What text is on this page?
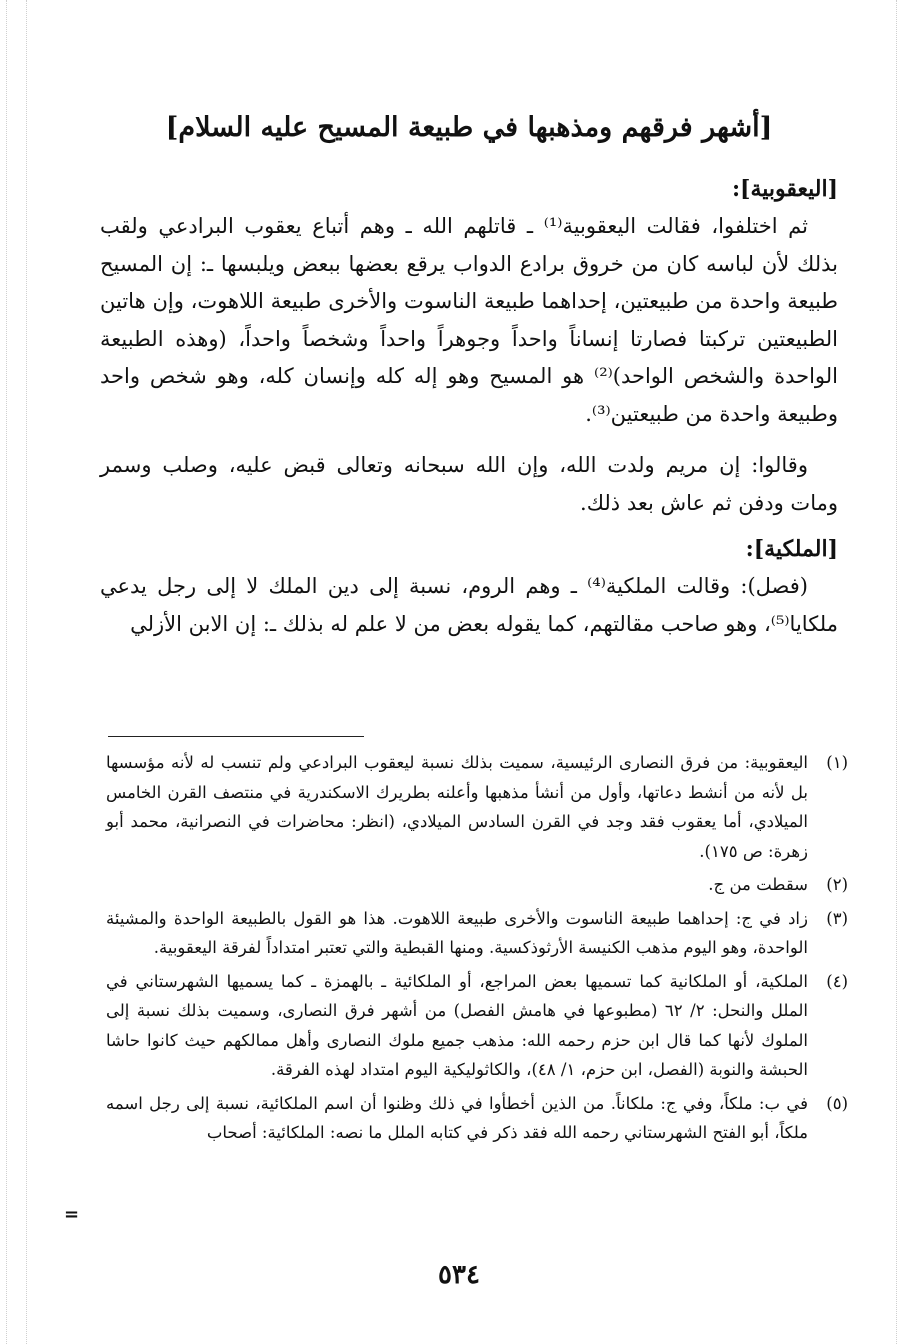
[أشهر فرقهم ومذهبها في طبيعة المسيح عليه السلام]

[اليعقوبية]:

ثم اختلفوا، فقالت اليعقوبية⁽¹⁾ ـ قاتلهم الله ـ وهم أتباع يعقوب البرادعي ولقب بذلك لأن لباسه كان من خروق برادع الدواب يرقع بعضها ببعض ويلبسها ـ: إن المسيح طبيعة واحدة من طبيعتين، إحداهما طبيعة الناسوت والأخرى طبيعة اللاهوت، وإن هاتين الطبيعتين تركبتا فصارتا إنساناً واحداً وجوهراً واحداً وشخصاً واحداً، (وهذه الطبيعة الواحدة والشخص الواحد)⁽²⁾ هو المسيح وهو إله كله وإنسان كله، وهو شخص واحد وطبيعة واحدة من طبيعتين⁽³⁾.

وقالوا: إن مريم ولدت الله، وإن الله سبحانه وتعالى قبض عليه، وصلب وسمر ومات ودفن ثم عاش بعد ذلك.

[الملكية]:

(فصل): وقالت الملكية⁽⁴⁾ ـ وهم الروم، نسبة إلى دين الملك لا إلى رجل يدعي ملكايا⁽⁵⁾، وهو صاحب مقالتهم، كما يقوله بعض من لا علم له بذلك ـ: إن الابن الأزلي

(١)
اليعقوبية: من فرق النصارى الرئيسية، سميت بذلك نسبة ليعقوب البرادعي ولم تنسب له لأنه مؤسسها بل لأنه من أنشط دعاتها، وأول من أنشأ مذهبها وأعلنه بطريرك الاسكندرية في منتصف القرن الخامس الميلادي، أما يعقوب فقد وجد في القرن السادس الميلادي، (انظر: محاضرات في النصرانية، محمد أبو زهرة: ص ١٧٥).
(٢)
سقطت من ج.
(٣)
زاد في ج: إحداهما طبيعة الناسوت والأخرى طبيعة اللاهوت. هذا هو القول بالطبيعة الواحدة والمشيئة الواحدة، وهو اليوم مذهب الكنيسة الأرثوذكسية. ومنها القبطية والتي تعتبر امتداداً لفرقة اليعقوبية.
(٤)
الملكية، أو الملكانية كما تسميها بعض المراجع، أو الملكائية ـ بالهمزة ـ كما يسميها الشهرستاني في الملل والنحل: ٢/ ٦٢ (مطبوعها في هامش الفصل) من أشهر فرق النصارى، وسميت بذلك نسبة إلى الملوك لأنها كما قال ابن حزم رحمه الله: مذهب جميع ملوك النصارى وأهل ممالكهم حيث كانوا حاشا الحبشة والنوبة (الفصل، ابن حزم، ١/ ٤٨)، والكاثوليكية اليوم امتداد لهذه الفرقة.
(٥)
في ب: ملكاً، وفي ج: ملكاناً. من الذين أخطأوا في ذلك وظنوا أن اسم الملكائية، نسبة إلى رجل اسمه ملكاً، أبو الفتح الشهرستاني رحمه الله فقد ذكر في كتابه الملل ما نصه: الملكائية: أصحاب
=
٥٣٤
